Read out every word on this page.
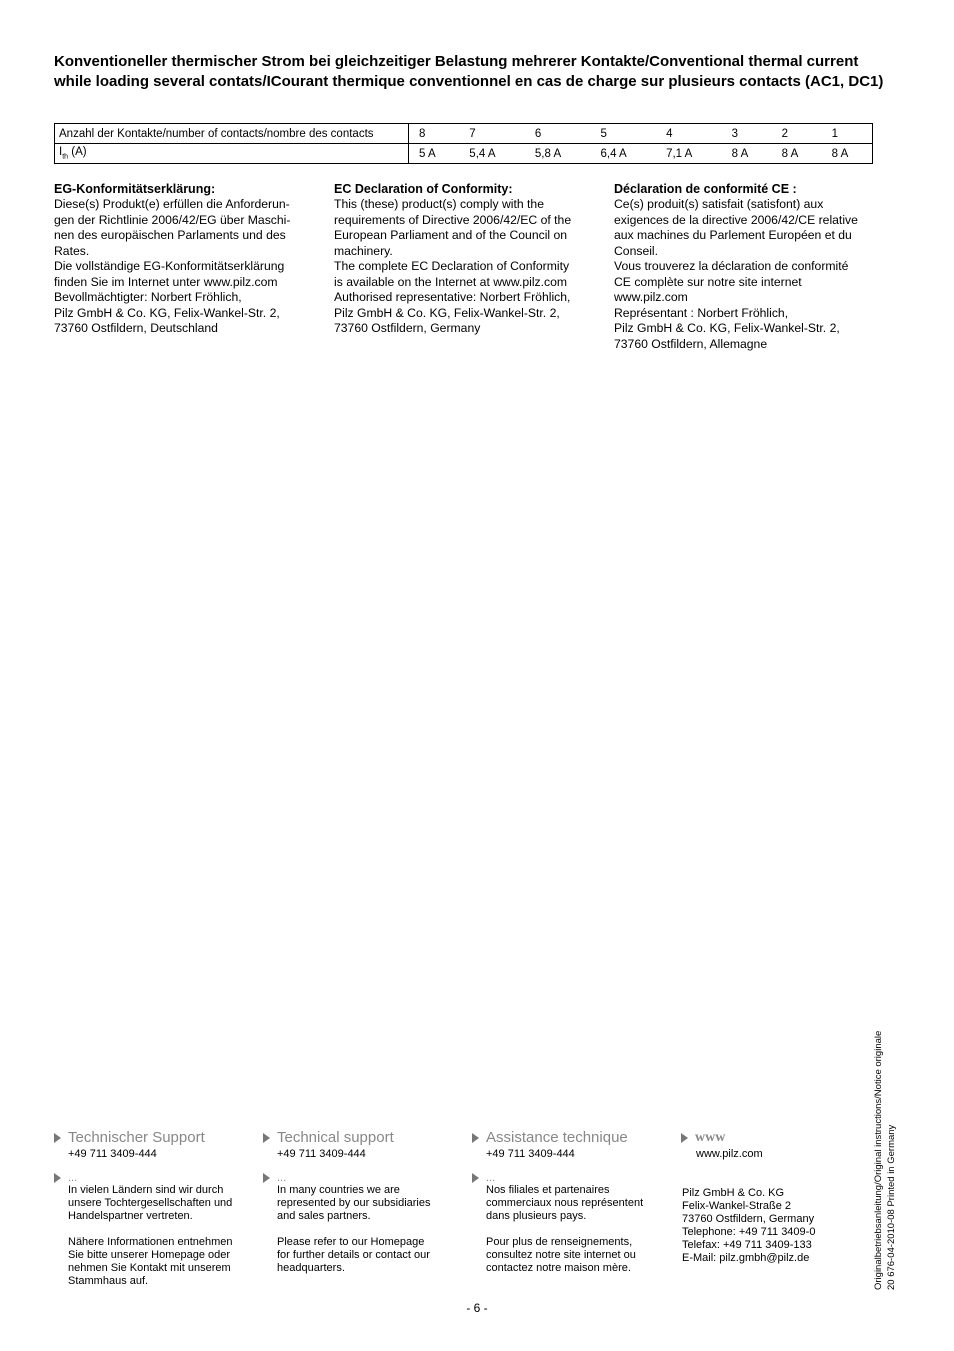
Konventioneller thermischer Strom bei gleichzeitiger Belastung mehrerer Kontakte/Conventional thermal current while loading several contats/ICourant thermique conventionnel en cas de charge sur plusieurs contacts (AC1, DC1)
Anzahl der Kontakte/number of contacts/nombre des contacts	8	7	6	5	4	3	2	1
$I_{th}$ (A)	5 A	5,4 A	5,8 A	6,4 A	7,1 A	8 A	8 A	8 A
EG-Konformitätserklärung:

Diese(s) Produkt(e) erfüllen die Anforderun-
gen der Richtlinie 2006/42/EG über Maschi-
nen des europäischen Parlaments und des
Rates.
Die vollständige EG-Konformitätserklärung
finden Sie im Internet unter www.pilz.com
Bevollmächtigter: Norbert Fröhlich,
Pilz GmbH & Co. KG, Felix-Wankel-Str. 2,
73760 Ostfildern, Deutschland

EC Declaration of Conformity:

This (these) product(s) comply with the
requirements of Directive 2006/42/EC of the
European Parliament and of the Council on
machinery.
The complete EC Declaration of Conformity
is available on the Internet at www.pilz.com
Authorised representative: Norbert Fröhlich,
Pilz GmbH & Co. KG, Felix-Wankel-Str. 2,
73760 Ostfildern, Germany

Déclaration de conformité CE :

Ce(s) produit(s) satisfait (satisfont) aux
exigences de la directive 2006/42/CE relative
aux machines du Parlement Européen et du
Conseil.
Vous trouverez la déclaration de conformité
CE complète sur notre site internet
www.pilz.com
Représentant : Norbert Fröhlich,
Pilz GmbH & Co. KG, Felix-Wankel-Str. 2,
73760 Ostfildern, Allemagne

Technischer Support
+49 711 3409-444
...
In vielen Ländern sind wir durch
unsere Tochtergesellschaften und
Handelspartner vertreten.
Nähere Informationen entnehmen
Sie bitte unserer Homepage oder
nehmen Sie Kontakt mit unserem
Stammhaus auf.
Technical support
+49 711 3409-444
...
In many countries we are
represented by our subsidiaries
and sales partners.
Please refer to our Homepage
for further details or contact our
headquarters.
Assistance technique
+49 711 3409-444
...
Nos filiales et partenaires
commerciaux nous représentent
dans plusieurs pays.
Pour plus de renseignements,
consultez notre site internet ou
contactez notre maison mère.
www
www.pilz.com
Pilz GmbH & Co. KG
Felix-Wankel-Straße 2
73760 Ostfildern, Germany
Telephone: +49 711 3409-0
Telefax: +49 711 3409-133
E-Mail: pilz.gmbh@pilz.de	Originalbetriebsanleitung/Original instructions/Notice originale 20 676-04-2010-08 Printed in Germany
- 6 -
